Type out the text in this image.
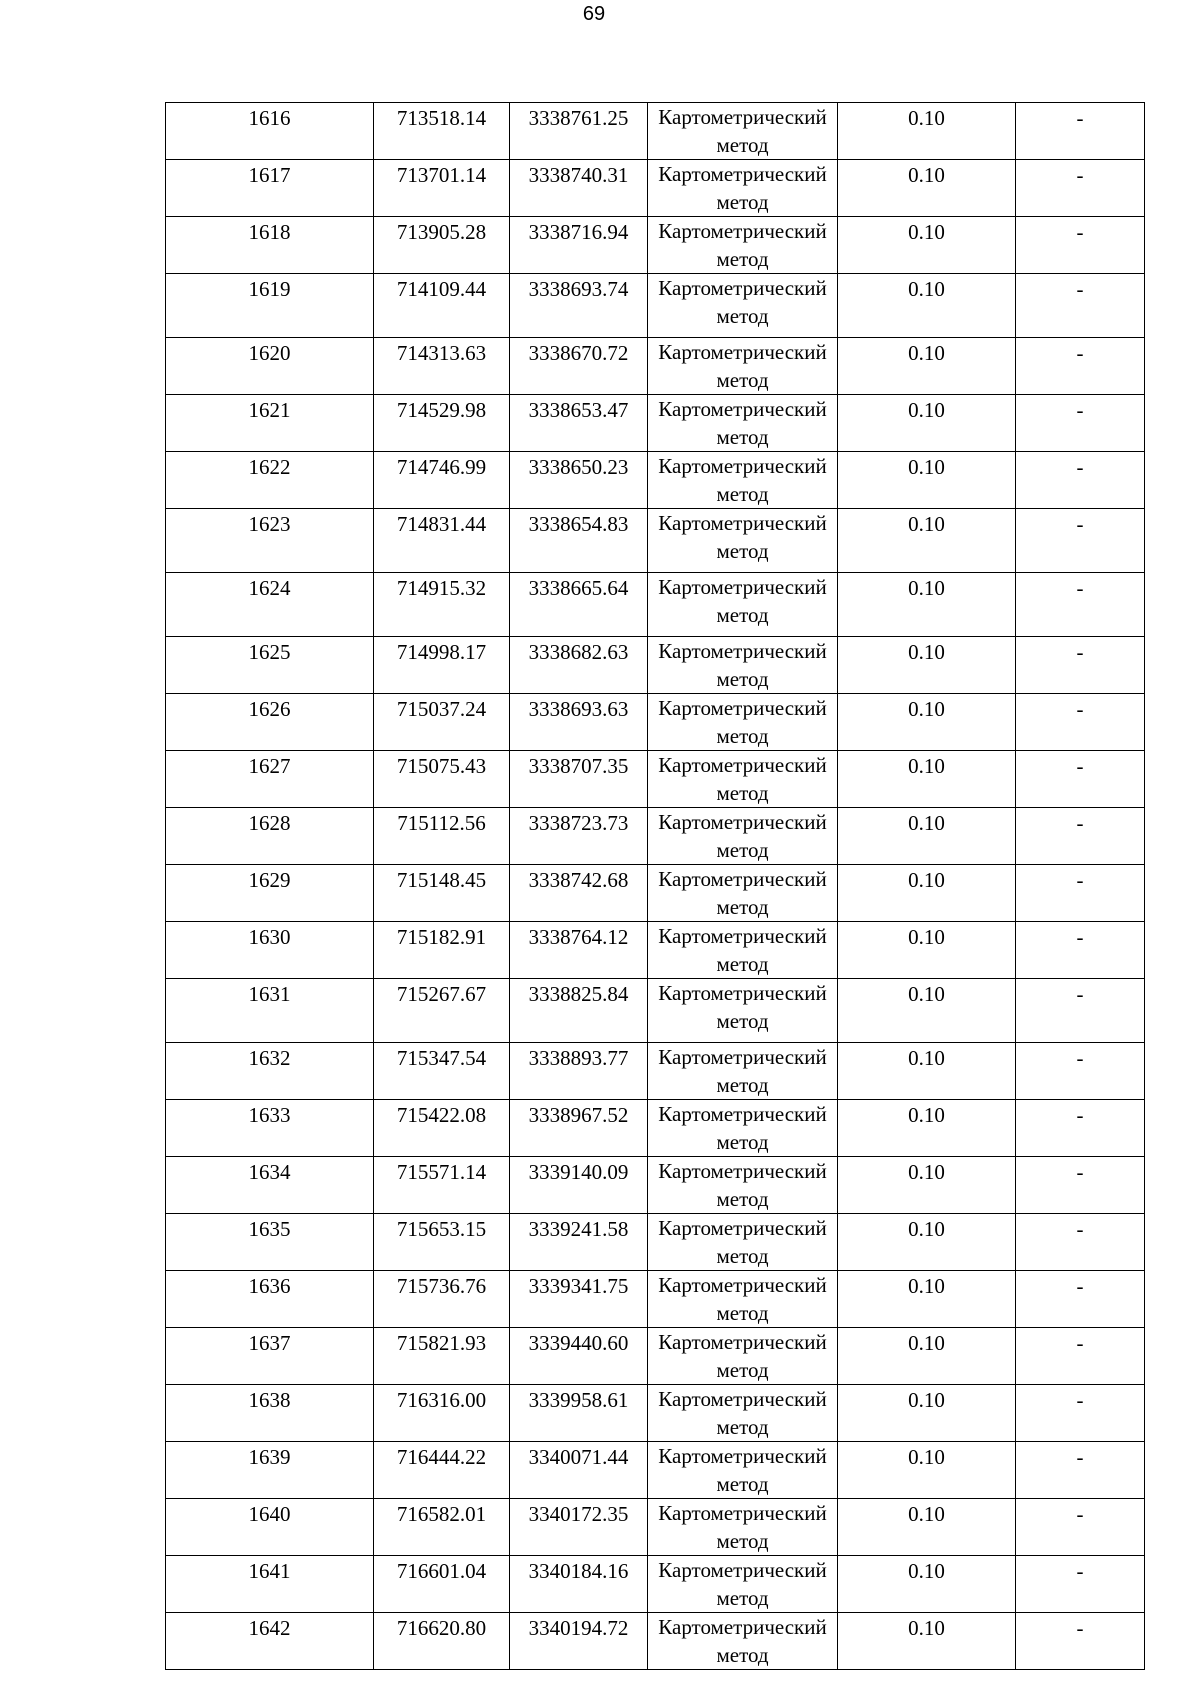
69
1616	713518.14	3338761.25	Картометрический метод	0.10	-
1617	713701.14	3338740.31	Картометрический метод	0.10	-
1618	713905.28	3338716.94	Картометрический метод	0.10	-
1619	714109.44	3338693.74	Картометрический метод	0.10	-
1620	714313.63	3338670.72	Картометрический метод	0.10	-
1621	714529.98	3338653.47	Картометрический метод	0.10	-
1622	714746.99	3338650.23	Картометрический метод	0.10	-
1623	714831.44	3338654.83	Картометрический метод	0.10	-
1624	714915.32	3338665.64	Картометрический метод	0.10	-
1625	714998.17	3338682.63	Картометрический метод	0.10	-
1626	715037.24	3338693.63	Картометрический метод	0.10	-
1627	715075.43	3338707.35	Картометрический метод	0.10	-
1628	715112.56	3338723.73	Картометрический метод	0.10	-
1629	715148.45	3338742.68	Картометрический метод	0.10	-
1630	715182.91	3338764.12	Картометрический метод	0.10	-
1631	715267.67	3338825.84	Картометрический метод	0.10	-
1632	715347.54	3338893.77	Картометрический метод	0.10	-
1633	715422.08	3338967.52	Картометрический метод	0.10	-
1634	715571.14	3339140.09	Картометрический метод	0.10	-
1635	715653.15	3339241.58	Картометрический метод	0.10	-
1636	715736.76	3339341.75	Картометрический метод	0.10	-
1637	715821.93	3339440.60	Картометрический метод	0.10	-
1638	716316.00	3339958.61	Картометрический метод	0.10	-
1639	716444.22	3340071.44	Картометрический метод	0.10	-
1640	716582.01	3340172.35	Картометрический метод	0.10	-
1641	716601.04	3340184.16	Картометрический метод	0.10	-
1642	716620.80	3340194.72	Картометрический метод	0.10	-
